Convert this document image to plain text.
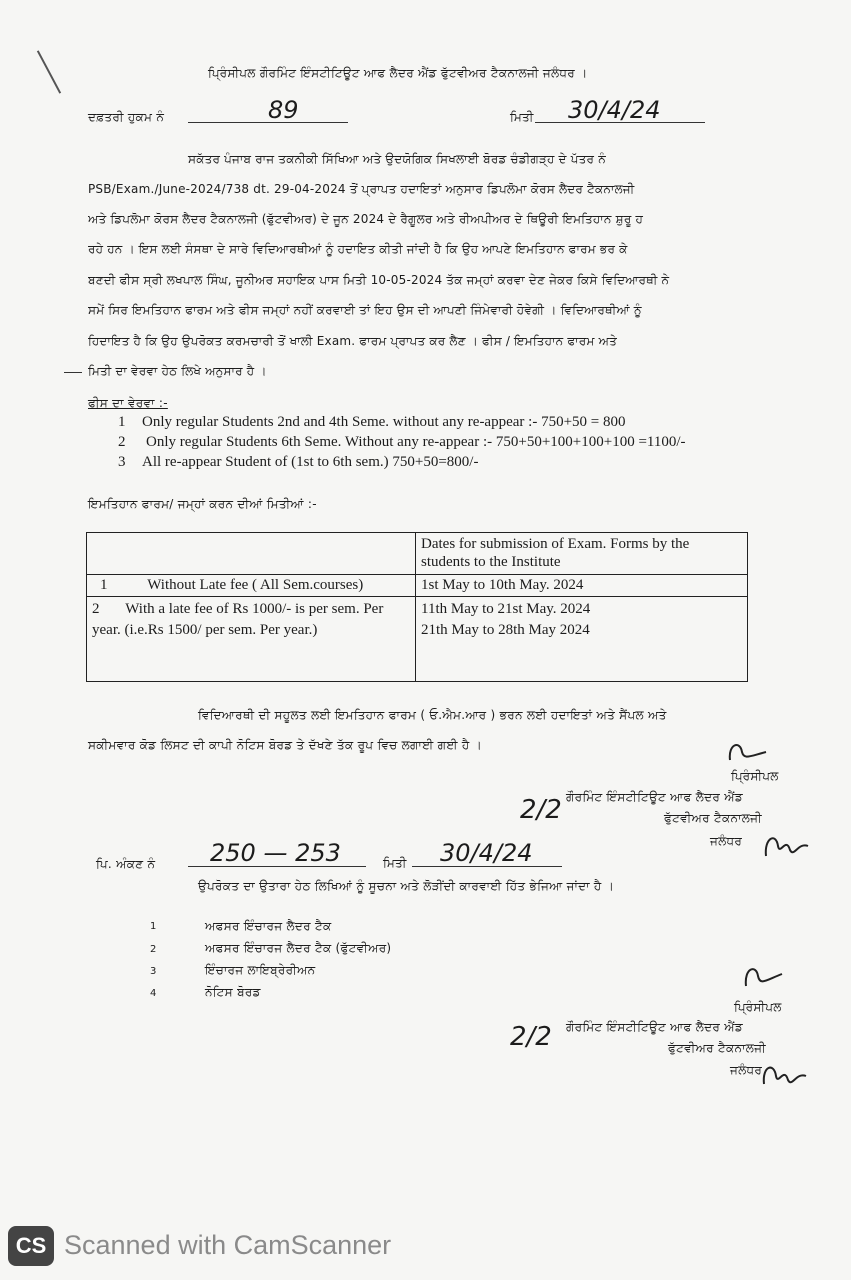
ਪ੍ਰਿੰਸੀਪਲ ਗੌਰਮਿੰਟ ਇੰਸਟੀਟਿਊਟ ਆਫ ਲੈਦਰ ਐਂਡ ਫੁੱਟਵੀਅਰ ਟੈਕਨਾਲਜੀ ਜਲੰਧਰ ।
ਦਫ਼ਤਰੀ ਹੁਕਮ ਨੰ	89	ਮਿਤੀ 30/4/24
ਸਕੱਤਰ ਪੰਜਾਬ ਰਾਜ ਤਕਨੀਕੀ ਸਿੱਖਿਆ ਅਤੇ ਉਦਯੋਗਿਕ ਸਿਖਲਾਈ ਬੋਰਡ ਚੰਡੀਗੜ੍ਹ ਦੇ ਪੱਤਰ ਨੰ
PSB/Exam./June-2024/738 dt. 29-04-2024 ਤੋਂ ਪ੍ਰਾਪਤ ਹਦਾਇਤਾਂ ਅਨੁਸਾਰ ਡਿਪਲੋਮਾ ਕੋਰਸ ਲੈਦਰ ਟੈਕਨਾਲਜੀ
ਅਤੇ ਡਿਪਲੋਮਾ ਕੋਰਸ ਲੈਦਰ ਟੈਕਨਾਲਜੀ (ਫੁੱਟਵੀਅਰ) ਦੇ ਜੂਨ 2024 ਦੇ ਰੈਗੂਲਰ ਅਤੇ ਰੀਅਪੀਅਰ ਦੇ ਥਿਊਰੀ ਇਮਤਿਹਾਨ ਸ਼ੁਰੂ ਹ
ਰਹੇ ਹਨ । ਇਸ ਲਈ ਸੰਸਥਾ ਦੇ ਸਾਰੇ ਵਿਦਿਆਰਥੀਆਂ ਨੂੰ ਹਦਾਇਤ ਕੀਤੀ ਜਾਂਦੀ ਹੈ ਕਿ ਉਹ ਆਪਣੇ ਇਮਤਿਹਾਨ ਫਾਰਮ ਭਰ ਕੇ
ਬਣਦੀ ਫੀਸ ਸ੍ਰੀ ਲਖਪਾਲ ਸਿੰਘ, ਜੂਨੀਅਰ ਸਹਾਇਕ ਪਾਸ ਮਿਤੀ 10-05-2024 ਤੱਕ ਜਮ੍ਹਾਂ ਕਰਵਾ ਦੇਣ ਜੇਕਰ ਕਿਸੇ ਵਿਦਿਆਰਥੀ ਨੇ
ਸਮੇਂ ਸਿਰ ਇਮਤਿਹਾਨ ਫਾਰਮ ਅਤੇ ਫੀਸ ਜਮ੍ਹਾਂ ਨਹੀਂ ਕਰਵਾਈ ਤਾਂ ਇਹ ਉਸ ਦੀ ਆਪਣੀ ਜਿੰਮੇਵਾਰੀ ਹੋਵੇਗੀ । ਵਿਦਿਆਰਥੀਆਂ ਨੂੰ
ਹਿਦਾਇਤ ਹੈ ਕਿ ਉਹ ਉਪਰੋਕਤ ਕਰਮਚਾਰੀ ਤੋਂ ਖਾਲੀ Exam. ਫਾਰਮ ਪ੍ਰਾਪਤ ਕਰ ਲੈਣ । ਫੀਸ / ਇਮਤਿਹਾਨ ਫਾਰਮ ਅਤੇ
ਮਿਤੀ ਦਾ ਵੇਰਵਾ ਹੇਠ ਲਿਖੇ ਅਨੁਸਾਰ ਹੈ ।
ਫੀਸ ਦਾ ਵੇਰਵਾ :-
1 Only regular Students 2nd and 4th Seme. without any re-appear :- 750+50 = 800
2 Only regular Students 6th Seme. Without any re-appear :- 750+50+100+100+100 =1100/-
3 All re-appear Student of (1st to 6th sem.) 750+50=800/-
ਇਮਤਿਹਾਨ ਫਾਰਮ/ ਜਮ੍ਹਾਂ ਕਰਨ ਦੀਆਂ ਮਿਤੀਆਂ :-
	Dates for submission of Exam. Forms by the students to the Institute
1 Without Late fee ( All Sem.courses)	1st May to 10th May. 2024
2 With a late fee of Rs 1000/- is per sem. Per year. (i.e.Rs 1500/ per sem. Per year.)	11th May to 21st May. 2024
21th May to 28th May 2024
ਵਿਦਿਆਰਥੀ ਦੀ ਸਹੂਲਤ ਲਈ ਇਮਤਿਹਾਨ ਫਾਰਮ ( ਓ.ਐਮ.ਆਰ ) ਭਰਨ ਲਈ ਹਦਾਇਤਾਂ ਅਤੇ ਸੈਂਪਲ ਅਤੇ
ਸਕੀਮਵਾਰ ਕੋਡ ਲਿਸਟ ਦੀ ਕਾਪੀ ਨੋਟਿਸ ਬੋਰਡ ਤੇ ਦੱਖਣੇ ਤੱਕ ਰੂਪ ਵਿਚ ਲਗਾਈ ਗਈ ਹੈ ।
ਪ੍ਰਿੰਸੀਪਲ
ਗੌਰਮਿੰਟ ਇੰਸਟੀਟਿਊਟ ਆਫ ਲੈਦਰ ਐਂਡ
ਫੁੱਟਵੀਅਰ ਟੈਕਨਾਲਜੀ
ਜਲੰਧਰ
2/2
ਪਿ. ਅੰਕਣ ਨੰ 250 — 253	ਮਿਤੀ 30/4/24
ਉਪਰੋਕਤ ਦਾ ਉਤਾਰਾ ਹੇਠ ਲਿਖਿਆਂ ਨੂੰ ਸੂਚਨਾ ਅਤੇ ਲੋੜੀਂਦੀ ਕਾਰਵਾਈ ਹਿੱਤ ਭੇਜਿਆ ਜਾਂਦਾ ਹੈ ।
1	ਅਫਸਰ ਇੰਚਾਰਜ ਲੈਦਰ ਟੈਕ
2	ਅਫਸਰ ਇੰਚਾਰਜ ਲੈਦਰ ਟੈਕ (ਫੁੱਟਵੀਅਰ)
3	ਇੰਚਾਰਜ ਲਾਇਬ੍ਰੇਰੀਅਨ
4	ਨੋਟਿਸ ਬੋਰਡ
ਪ੍ਰਿੰਸੀਪਲ
ਗੌਰਮਿੰਟ ਇੰਸਟੀਟਿਊਟ ਆਫ ਲੈਦਰ ਐਂਡ
ਫੁੱਟਵੀਅਰ ਟੈਕਨਾਲਜੀ
ਜਲੰਧਰ
2/2
CS Scanned with CamScanner
